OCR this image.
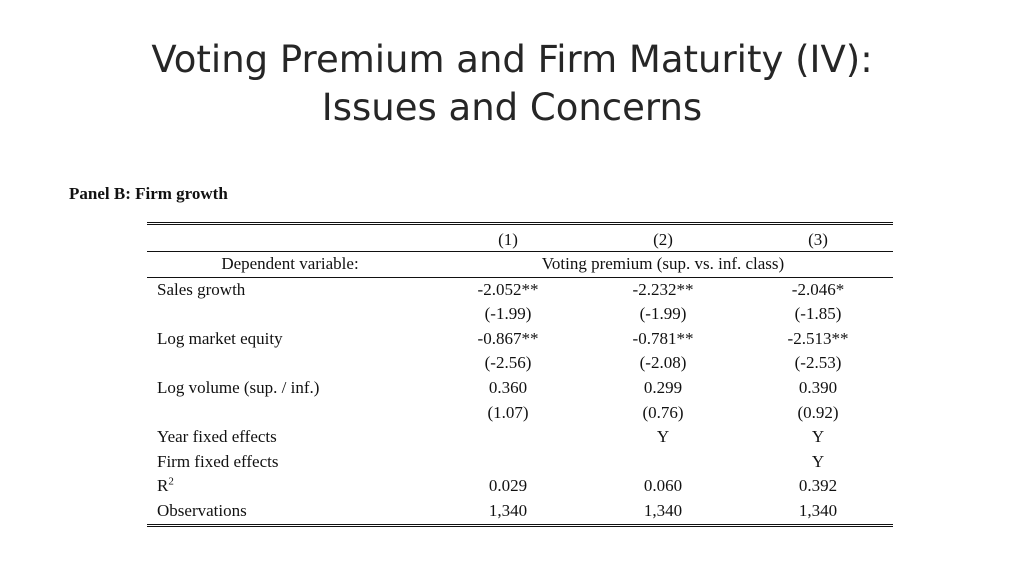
Voting Premium and Firm Maturity (IV):
Issues and Concerns
Panel B: Firm growth
	(1)	(2)	(3)
Dependent variable:	Voting premium (sup. vs. inf. class)		
Sales growth	-2.052**	-2.232**	-2.046*
	(-1.99)	(-1.99)	(-1.85)
Log market equity	-0.867**	-0.781**	-2.513**
	(-2.56)	(-2.08)	(-2.53)
Log volume (sup. / inf.)	0.360	0.299	0.390
	(1.07)	(0.76)	(0.92)
Year fixed effects		Y	Y
Firm fixed effects			Y
$R^2$	0.029	0.060	0.392
Observations	1,340	1,340	1,340
